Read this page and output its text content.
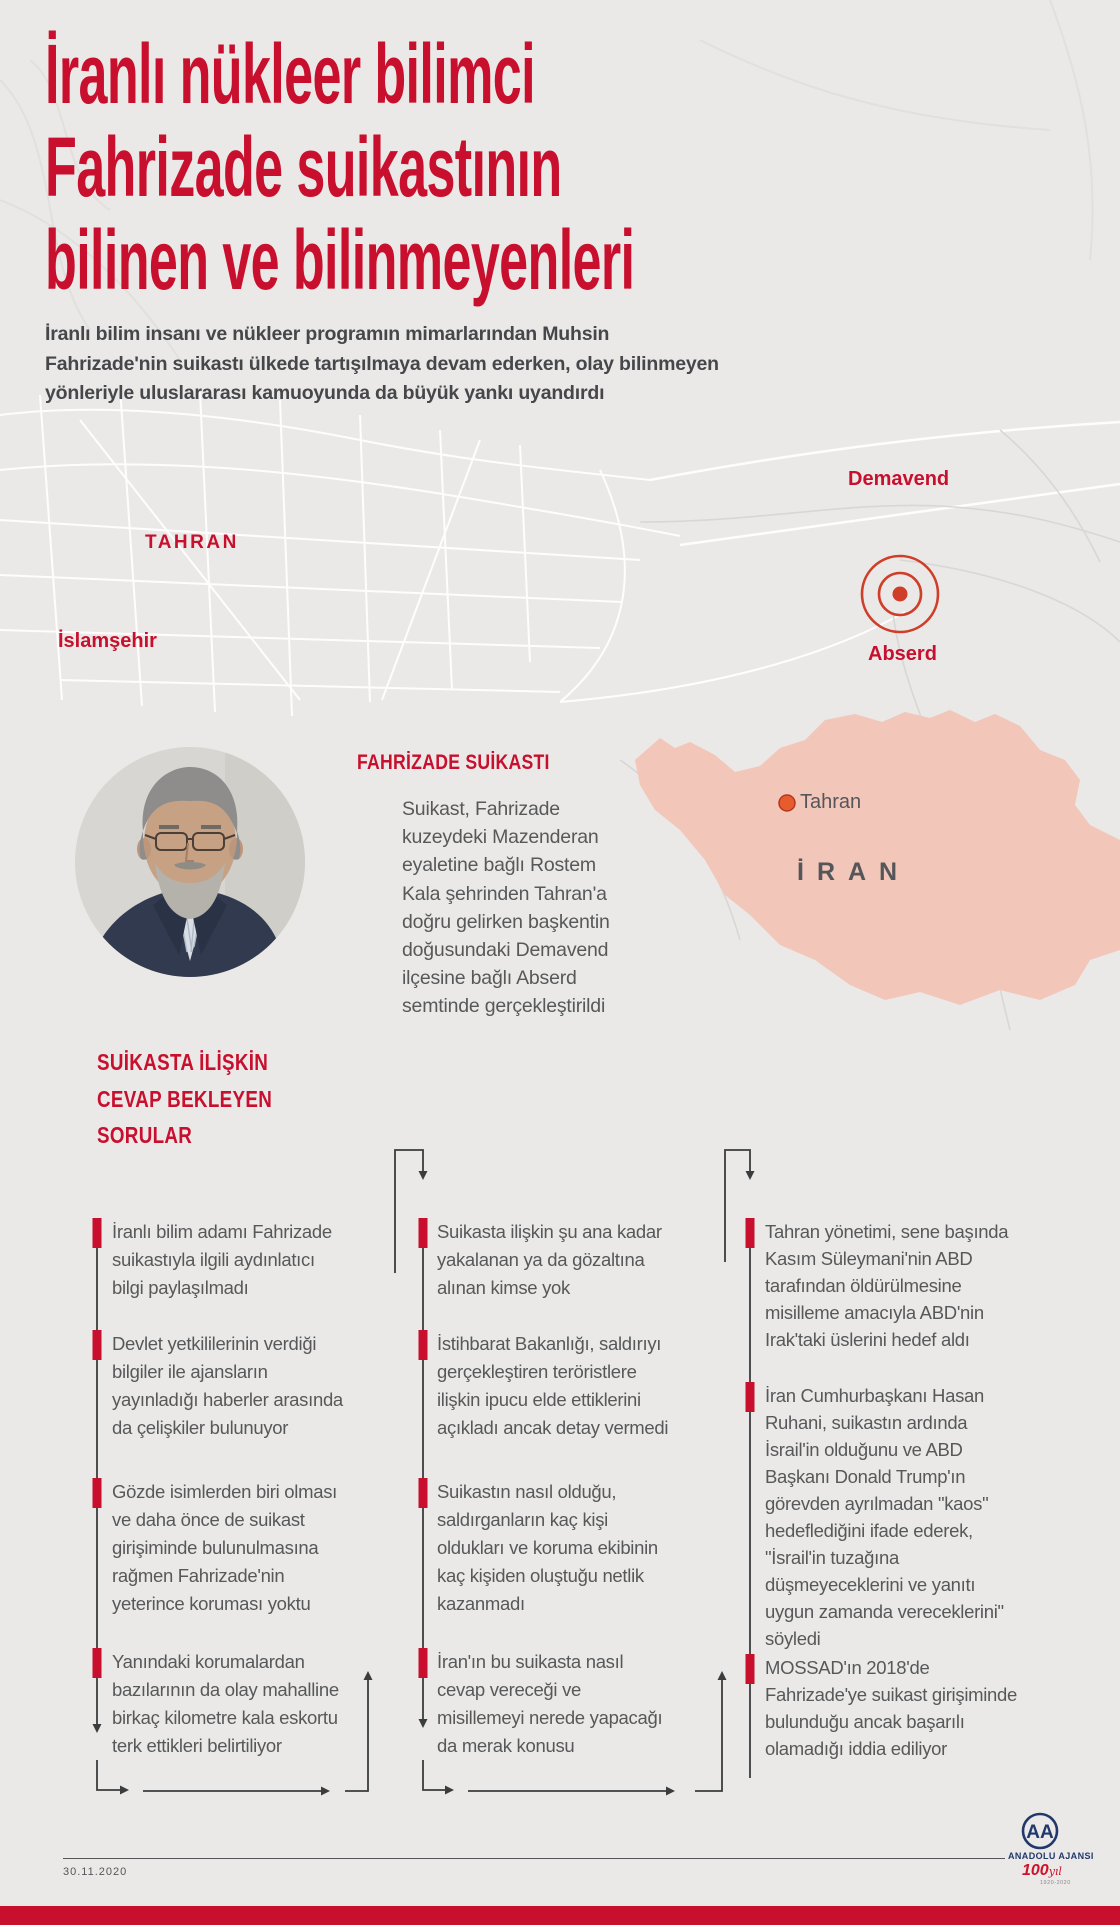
Tahran
İRAN
TAHRAN
İslamşehir
Demavend
Abserd
İranlı nükleer bilimci
Fahrizade suikastının
bilinen ve bilinmeyenleri
İranlı bilim insanı ve nükleer programın mimarlarından Muhsin
Fahrizade'nin suikastı ülkede tartışılmaya devam ederken, olay bilinmeyen
yönleriyle uluslararası kamuoyunda da büyük yankı uyandırdı
FAHRİZADE SUİKASTI
Suikast, Fahrizade kuzeydeki Mazenderan eyaletine bağlı Rostem Kala şehrinden Tahran'a doğru gelirken başkentin doğusundaki Demavend ilçesine bağlı Abserd semtinde gerçekleştirildi
SUİKASTA İLİŞKİN
CEVAP BEKLEYEN
SORULAR
İranlı bilim adamı Fahrizade suikastıyla ilgili aydınlatıcı bilgi paylaşılmadı
Devlet yetkililerinin verdiği bilgiler ile ajansların yayınladığı haberler arasında da çelişkiler bulunuyor
Gözde isimlerden biri olması ve daha önce de suikast girişiminde bulunulmasına rağmen Fahrizade'nin yeterince koruması yoktu
Yanındaki korumalardan bazılarının da olay mahalline birkaç kilometre kala eskortu terk ettikleri belirtiliyor
Suikasta ilişkin şu ana kadar yakalanan ya da gözaltına alınan kimse yok
İstihbarat Bakanlığı, saldırıyı gerçekleştiren teröristlere ilişkin ipucu elde ettiklerini açıkladı ancak detay vermedi
Suikastın nasıl olduğu, saldırganların kaç kişi oldukları ve koruma ekibinin kaç kişiden oluştuğu netlik kazanmadı
İran'ın bu suikasta nasıl cevap vereceği ve misillemeyi nerede yapacağı da merak konusu
Tahran yönetimi, sene başında Kasım Süleymani'nin ABD tarafından öldürülmesine misilleme amacıyla ABD'nin Irak'taki üslerini hedef aldı
İran Cumhurbaşkanı Hasan Ruhani, suikastın ardında İsrail'in olduğunu ve ABD Başkanı Donald Trump'ın görevden ayrılmadan "kaos" hedeflediğini ifade ederek, "İsrail'in tuzağına düşmeyeceklerini ve yanıtı uygun zamanda vereceklerini" söyledi
MOSSAD'ın 2018'de Fahrizade'ye suikast girişiminde bulunduğu ancak başarılı olamadığı iddia ediliyor
30.11.2020
AA
ANADOLU AJANSI
100yıl
1920-2020
